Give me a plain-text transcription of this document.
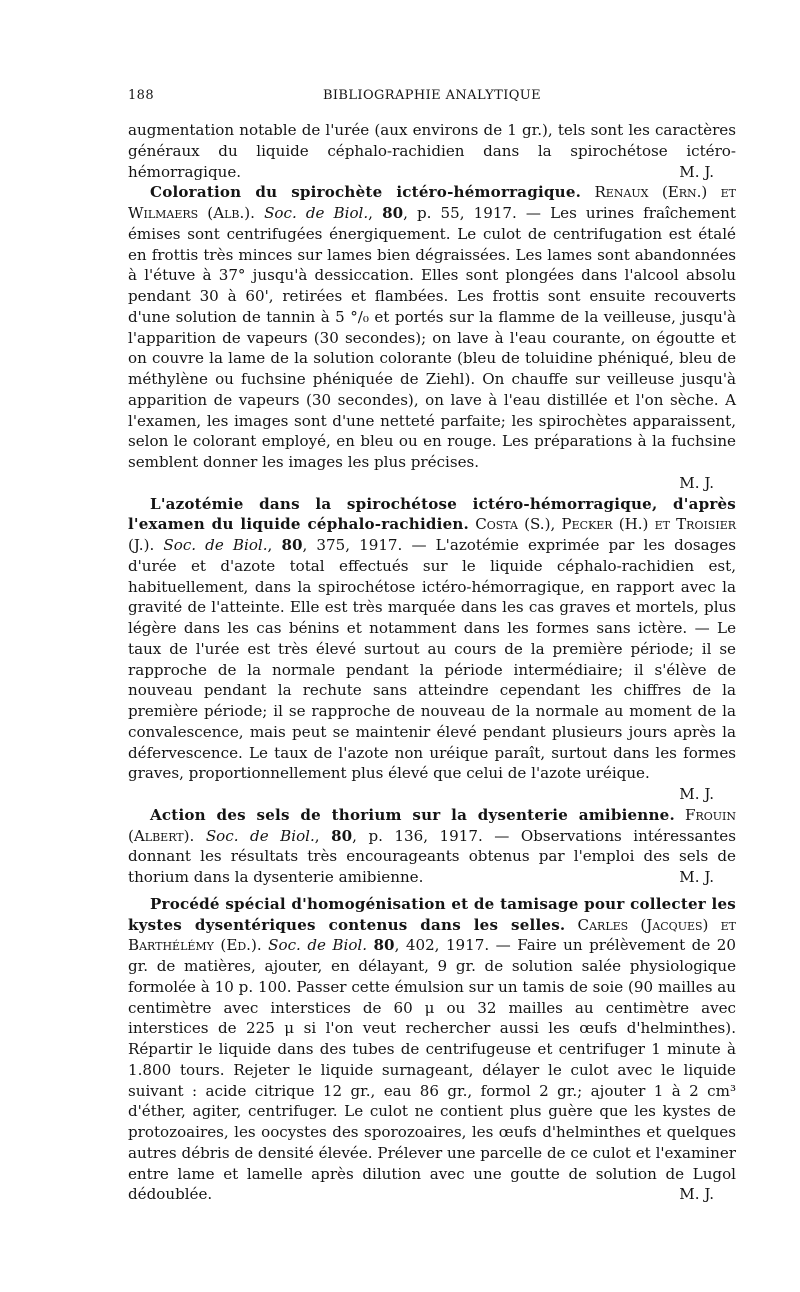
188	BIBLIOGRAPHIE ANALYTIQUE

augmentation notable de l'urée (aux environs de 1 gr.), tels sont les caractères généraux du liquide céphalo-rachidien dans la spirochétose ictéro-hémorragique.	M. J.

Coloration du spirochète ictéro-hémorragique. Renaux (Ern.) et Wilmaers (Alb.). Soc. de Biol., 80, p. 55, 1917. — Les urines fraîchement émises sont centrifugées énergiquement. Le culot de centrifugation est étalé en frottis très minces sur lames bien dégraissées. Les lames sont abandonnées à l'étuve à 37° jusqu'à dessiccation. Elles sont plongées dans l'alcool absolu pendant 30 à 60', retirées et flambées. Les frottis sont ensuite recouverts d'une solution de tannin à 5 °/₀ et portés sur la flamme de la veilleuse, jusqu'à l'apparition de vapeurs (30 secondes); on lave à l'eau courante, on égoutte et on couvre la lame de la solution colorante (bleu de toluidine phéniqué, bleu de méthylène ou fuchsine phéniquée de Ziehl). On chauffe sur veilleuse jusqu'à apparition de vapeurs (30 secondes), on lave à l'eau distillée et l'on sèche. A l'examen, les images sont d'une netteté parfaite; les spirochètes apparaissent, selon le colorant employé, en bleu ou en rouge. Les préparations à la fuchsine semblent donner les images les plus précises.

M. J.

L'azotémie dans la spirochétose ictéro-hémorragique, d'après l'examen du liquide céphalo-rachidien. Costa (S.), Pecker (H.) et Troisier (J.). Soc. de Biol., 80, 375, 1917. — L'azotémie exprimée par les dosages d'urée et d'azote total effectués sur le liquide céphalo-rachidien est, habituellement, dans la spirochétose ictéro-hémorragique, en rapport avec la gravité de l'atteinte. Elle est très marquée dans les cas graves et mortels, plus légère dans les cas bénins et notamment dans les formes sans ictère. — Le taux de l'urée est très élevé surtout au cours de la première période; il se rapproche de la normale pendant la période intermédiaire; il s'élève de nouveau pendant la rechute sans atteindre cependant les chiffres de la première période; il se rapproche de nouveau de la normale au moment de la convalescence, mais peut se maintenir élevé pendant plusieurs jours après la défervescence. Le taux de l'azote non uréique paraît, surtout dans les formes graves, proportionnellement plus élevé que celui de l'azote uréique.

M. J.

Action des sels de thorium sur la dysenterie amibienne. Frouin (Albert). Soc. de Biol., 80, p. 136, 1917. — Observations intéressantes donnant les résultats très encourageants obtenus par l'emploi des sels de thorium dans la dysenterie amibienne.	M. J.

Procédé spécial d'homogénisation et de tamisage pour collecter les kystes dysentériques contenus dans les selles. Carles (Jacques) et Barthélémy (Ed.). Soc. de Biol. 80, 402, 1917. — Faire un prélèvement de 20 gr. de matières, ajouter, en délayant, 9 gr. de solution salée physiologique formolée à 10 p. 100. Passer cette émulsion sur un tamis de soie (90 mailles au centimètre avec interstices de 60 μ ou 32 mailles au centimètre avec interstices de 225 μ si l'on veut rechercher aussi les œufs d'helminthes). Répartir le liquide dans des tubes de centrifugeuse et centrifuger 1 minute à 1.800 tours. Rejeter le liquide surnageant, délayer le culot avec le liquide suivant : acide citrique 12 gr., eau 86 gr., formol 2 gr.; ajouter 1 à 2 cm³ d'éther, agiter, centrifuger. Le culot ne contient plus guère que les kystes de protozoaires, les oocystes des sporozoaires, les œufs d'helminthes et quelques autres débris de densité élevée. Prélever une parcelle de ce culot et l'examiner entre lame et lamelle après dilution avec une goutte de solution de Lugol dédoublée.	M. J.
